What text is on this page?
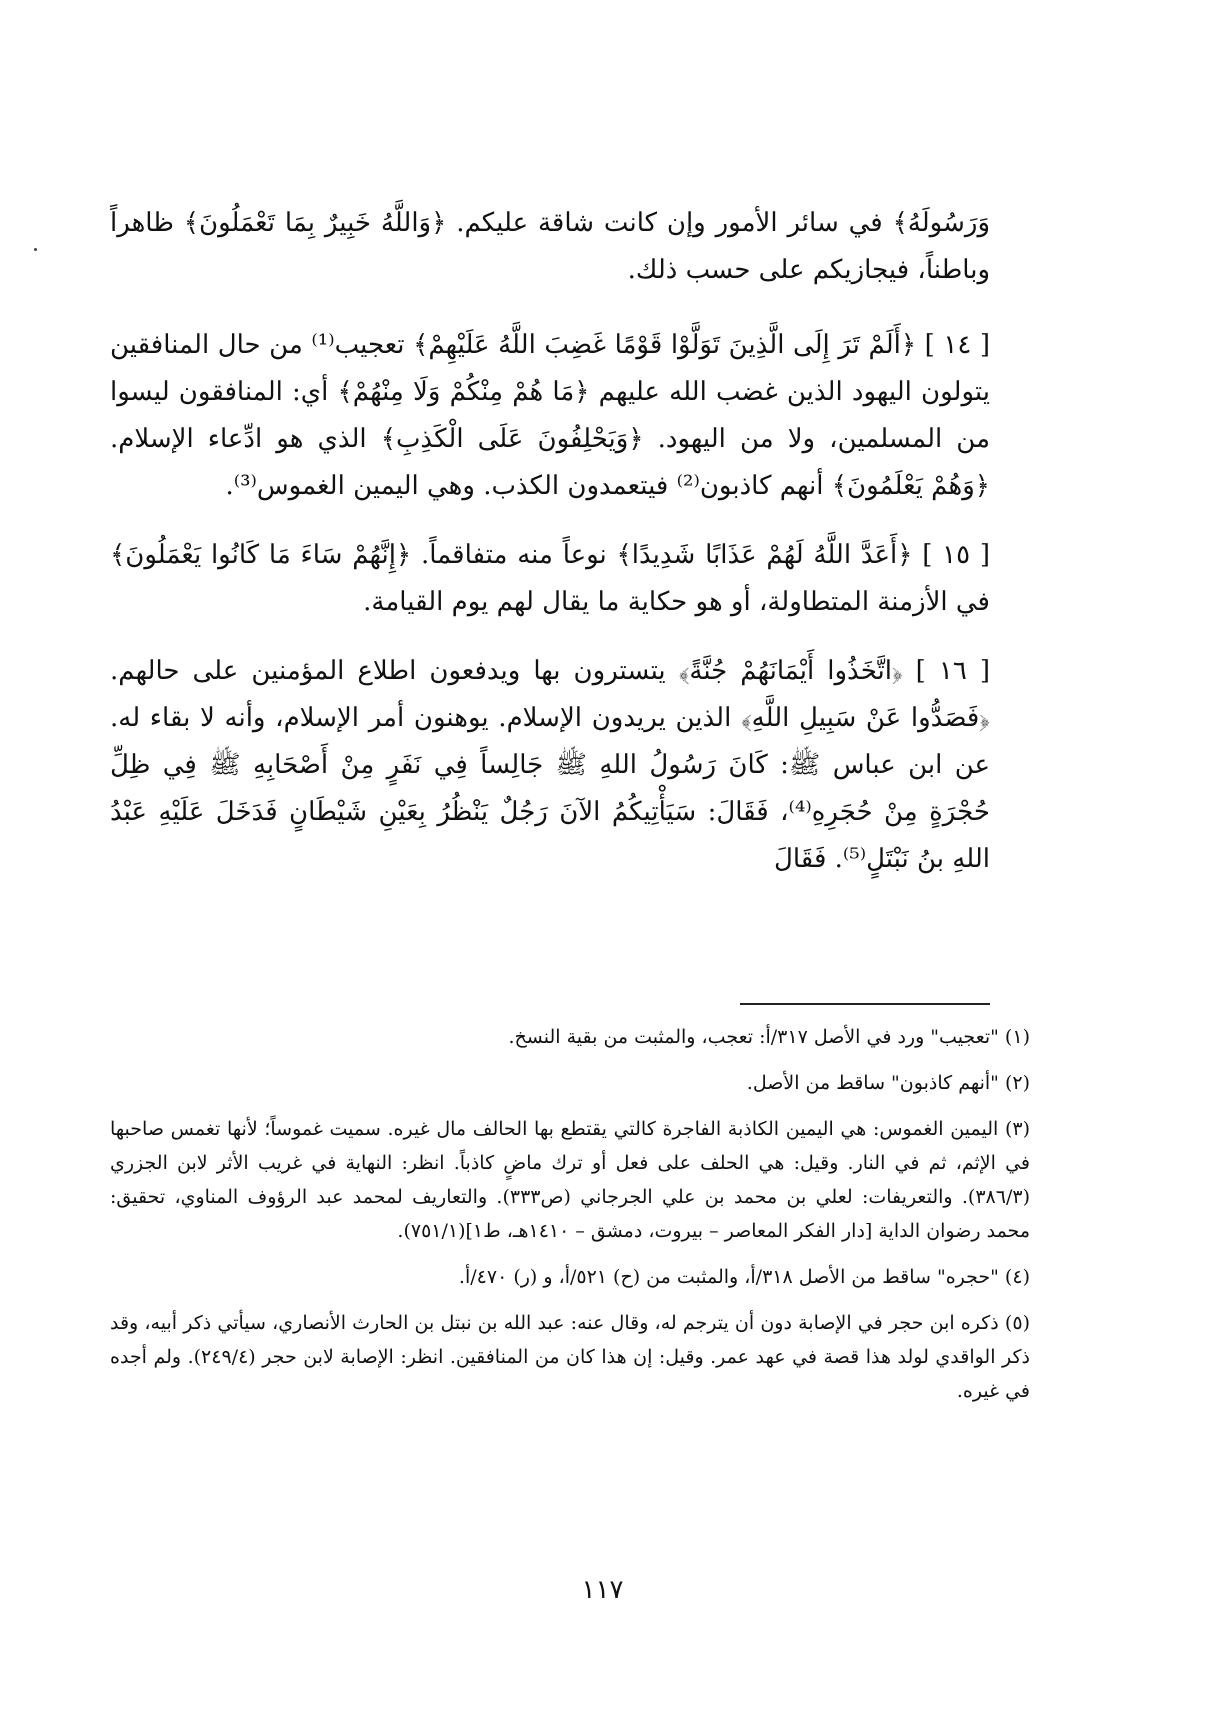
وَرَسُولَهُ﴾ في سائر الأمور وإن كانت شاقة عليكم. ﴿وَاللَّهُ خَبِيرٌ بِمَا تَعْمَلُونَ﴾ ظاهراً وباطناً، فيجازيكم على حسب ذلك.

[ ١٤ ] ﴿أَلَمْ تَرَ إِلَى الَّذِينَ تَوَلَّوْا قَوْمًا غَضِبَ اللَّهُ عَلَيْهِمْ﴾ تعجيب⁽¹⁾ من حال المنافقين يتولون اليهود الذين غضب الله عليهم ﴿مَا هُمْ مِنْكُمْ وَلَا مِنْهُمْ﴾ أي: المنافقون ليسوا من المسلمين، ولا من اليهود. ﴿وَيَحْلِفُونَ عَلَى الْكَذِبِ﴾ الذي هو ادِّعاء الإسلام. ﴿وَهُمْ يَعْلَمُونَ﴾ أنهم كاذبون⁽²⁾ فيتعمدون الكذب. وهي اليمين الغموس⁽³⁾.

[ ١٥ ] ﴿أَعَدَّ اللَّهُ لَهُمْ عَذَابًا شَدِيدًا﴾ نوعاً منه متفاقماً. ﴿إِنَّهُمْ سَاءَ مَا كَانُوا يَعْمَلُونَ﴾ في الأزمنة المتطاولة، أو هو حكاية ما يقال لهم يوم القيامة.

[ ١٦ ] ﴿اتَّخَذُوا أَيْمَانَهُمْ جُنَّةً﴾ يتسترون بها ويدفعون اطلاع المؤمنين على حالهم. ﴿فَصَدُّوا عَنْ سَبِيلِ اللَّهِ﴾ الذين يريدون الإسلام. يوهنون أمر الإسلام، وأنه لا بقاء له. عن ابن عباس ﷺ: كَانَ رَسُولُ اللهِ ﷺ جَالِساً فِي نَفَرٍ مِنْ أَصْحَابِهِ ﷺ فِي ظِلِّ حُجْرَةٍ مِنْ حُجَرِهِ⁽⁴⁾، فَقَالَ: سَيَأْتِيكُمُ الآنَ رَجُلٌ يَنْظُرُ بِعَيْنِ شَيْطَانٍ فَدَخَلَ عَلَيْهِ عَبْدُ اللهِ بنُ نَبْتَلٍ⁽⁵⁾. فَقَالَ

(١) "تعجيب" ورد في الأصل ٣١٧/أ: تعجب، والمثبت من بقية النسخ.

(٢) "أنهم كاذبون" ساقط من الأصل.

(٣) اليمين الغموس: هي اليمين الكاذبة الفاجرة كالتي يقتطع بها الحالف مال غيره. سميت غموساً؛ لأنها تغمس صاحبها في الإثم، ثم في النار. وقيل: هي الحلف على فعل أو ترك ماضٍ كاذباً. انظر: النهاية في غريب الأثر لابن الجزري (٣٨٦/٣). والتعريفات: لعلي بن محمد بن علي الجرجاني (ص٣٣٣). والتعاريف لمحمد عبد الرؤوف المناوي، تحقيق: محمد رضوان الداية [دار الفكر المعاصر – بيروت، دمشق – ١٤١٠هـ، ط١](٧٥١/١).

(٤) "حجره" ساقط من الأصل ٣١٨/أ، والمثبت من (ح) ٥٢١/أ، و (ر) ٤٧٠/أ.

(٥) ذكره ابن حجر في الإصابة دون أن يترجم له، وقال عنه: عبد الله بن نبتل بن الحارث الأنصاري، سيأتي ذكر أبيه، وقد ذكر الواقدي لولد هذا قصة في عهد عمر. وقيل: إن هذا كان من المنافقين. انظر: الإصابة لابن حجر (٢٤٩/٤). ولم أجده في غيره.

١١٧
